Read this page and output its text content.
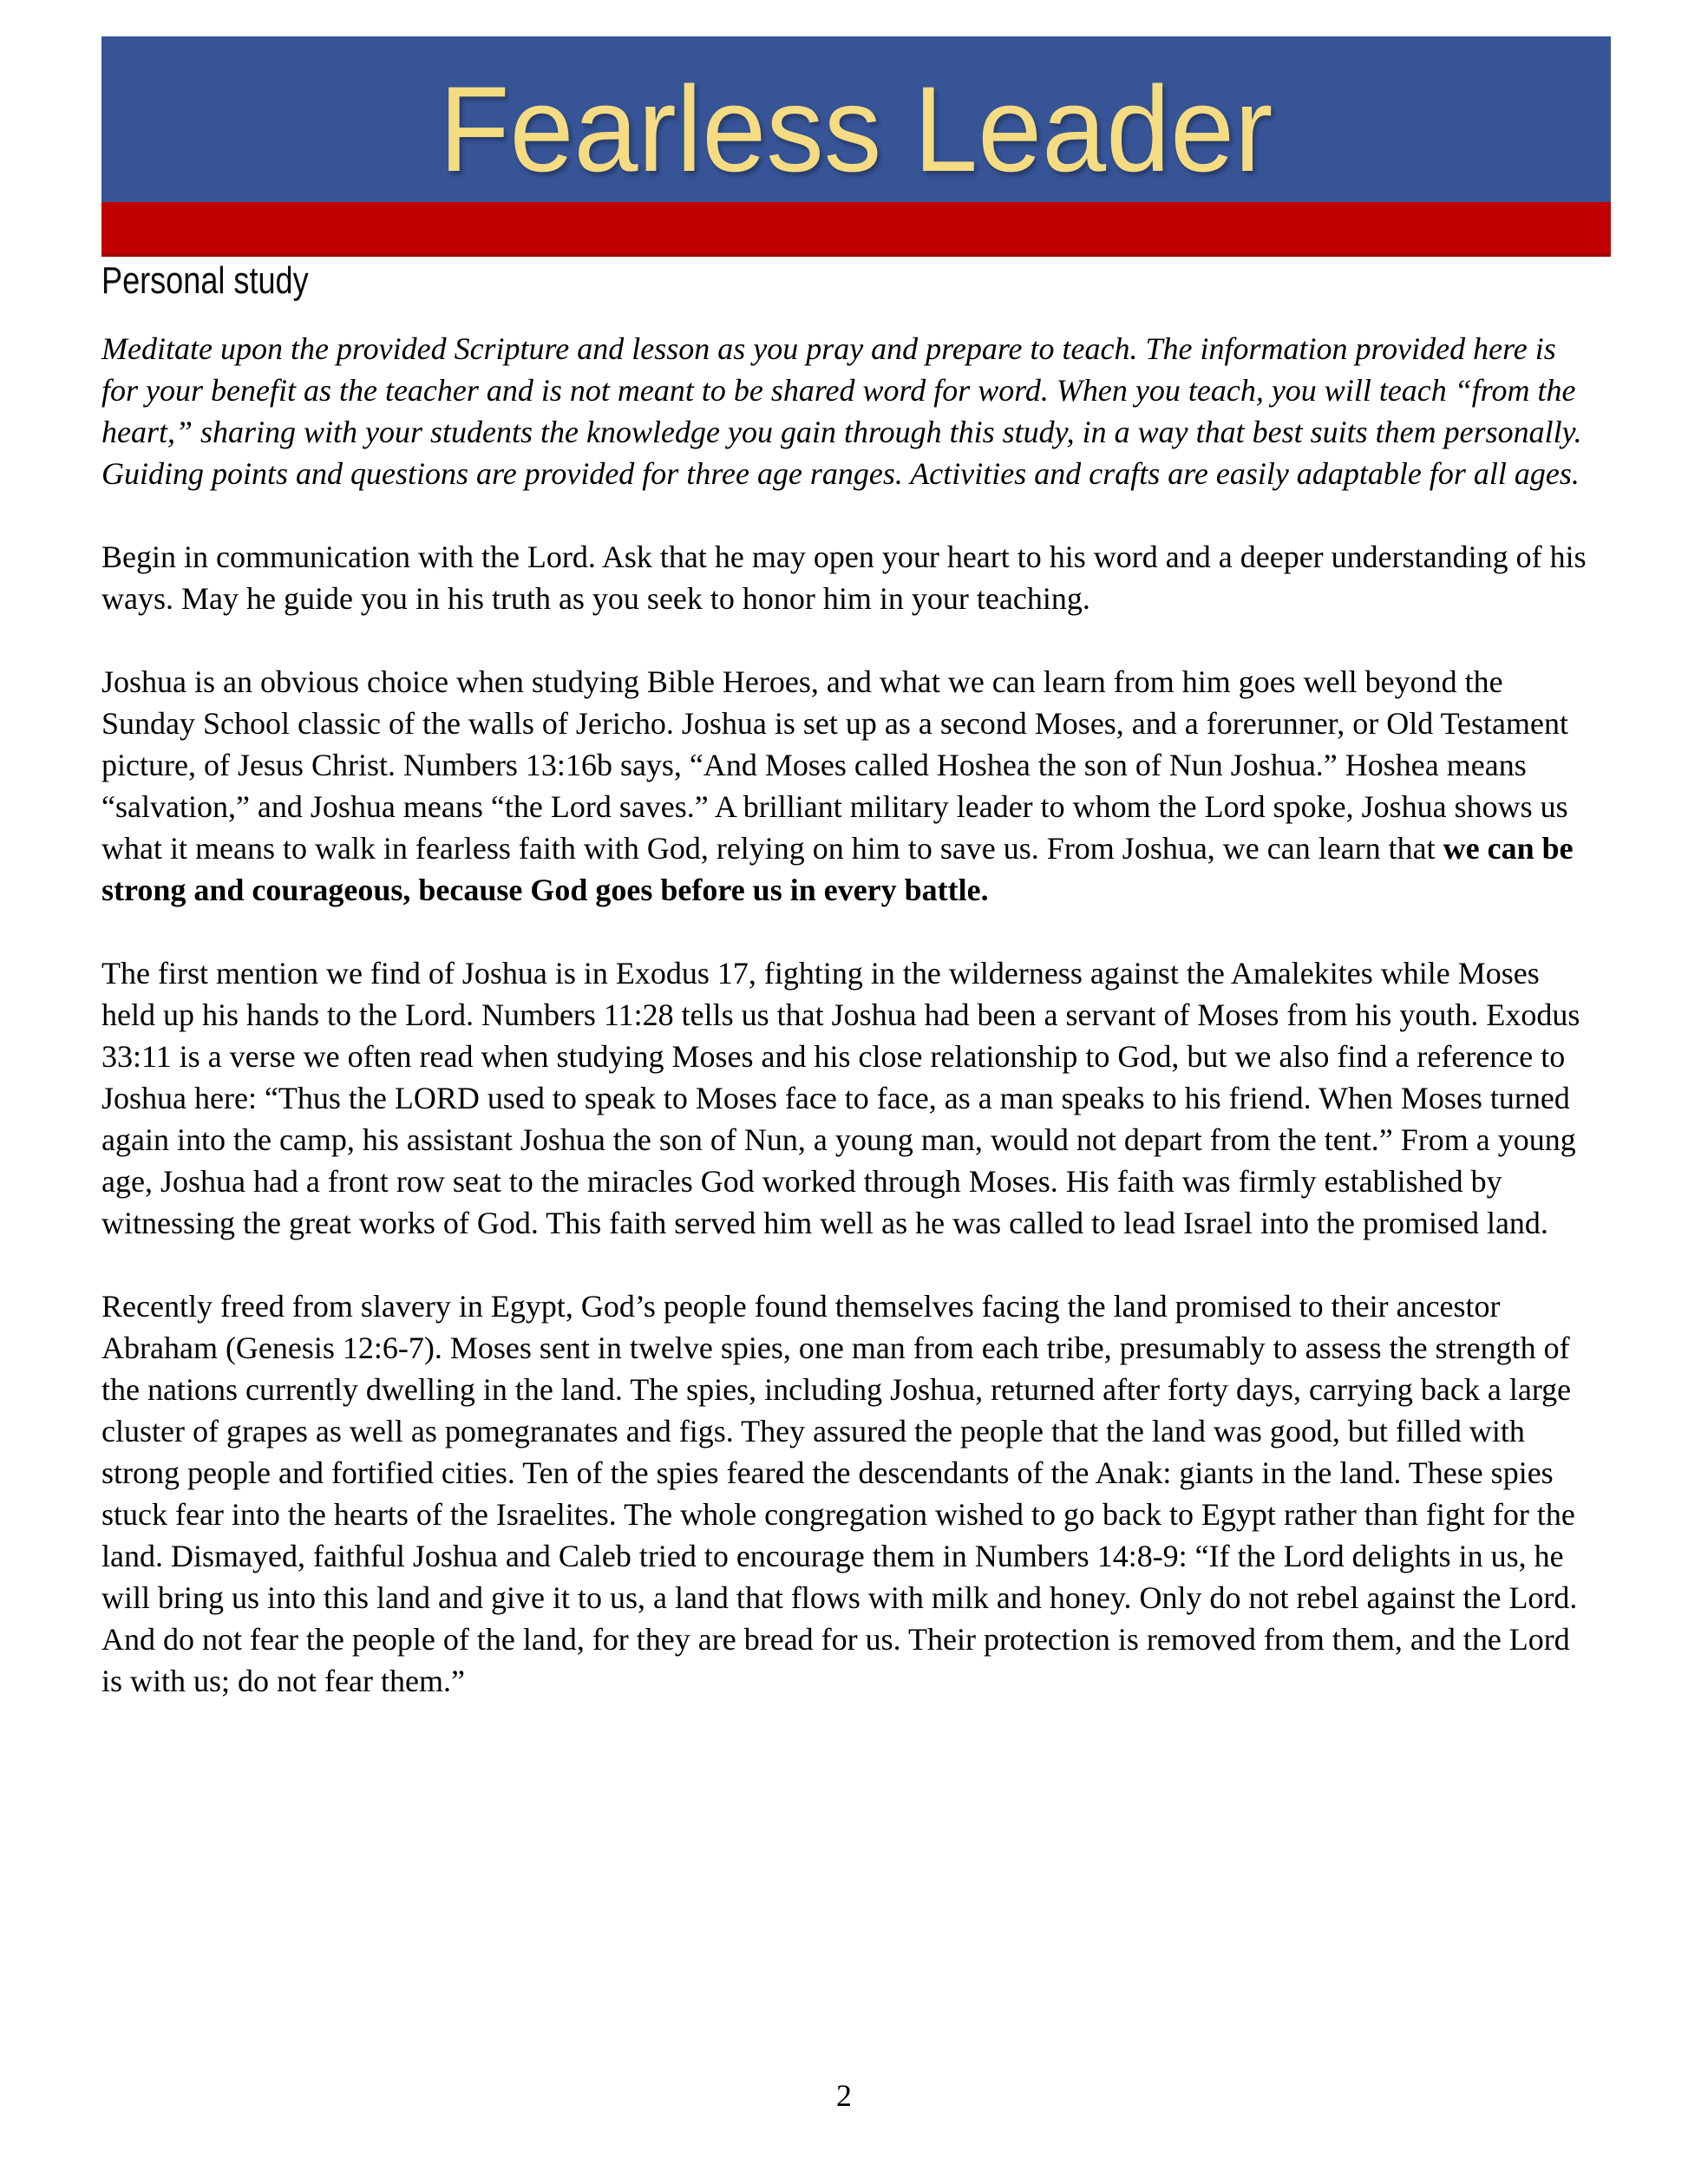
Fearless Leader
Personal study

Meditate upon the provided Scripture and lesson as you pray and prepare to teach. The information provided here is for your benefit as the teacher and is not meant to be shared word for word. When you teach, you will teach “from the heart,” sharing with your students the knowledge you gain through this study, in a way that best suits them personally. Guiding points and questions are provided for three age ranges. Activities and crafts are easily adaptable for all ages.

Begin in communication with the Lord. Ask that he may open your heart to his word and a deeper understanding of his ways. May he guide you in his truth as you seek to honor him in your teaching.

Joshua is an obvious choice when studying Bible Heroes, and what we can learn from him goes well beyond the Sunday School classic of the walls of Jericho. Joshua is set up as a second Moses, and a forerunner, or Old Testament picture, of Jesus Christ. Numbers 13:16b says, “And Moses called Hoshea the son of Nun Joshua.” Hoshea means “salvation,” and Joshua means “the Lord saves.” A brilliant military leader to whom the Lord spoke, Joshua shows us what it means to walk in fearless faith with God, relying on him to save us. From Joshua, we can learn that we can be strong and courageous, because God goes before us in every battle.

The first mention we find of Joshua is in Exodus 17, fighting in the wilderness against the Amalekites while Moses held up his hands to the Lord. Numbers 11:28 tells us that Joshua had been a servant of Moses from his youth. Exodus 33:11 is a verse we often read when studying Moses and his close relationship to God, but we also find a reference to Joshua here: “Thus the LORD used to speak to Moses face to face, as a man speaks to his friend. When Moses turned again into the camp, his assistant Joshua the son of Nun, a young man, would not depart from the tent.” From a young age, Joshua had a front row seat to the miracles God worked through Moses. His faith was firmly established by witnessing the great works of God. This faith served him well as he was called to lead Israel into the promised land.

Recently freed from slavery in Egypt, God’s people found themselves facing the land promised to their ancestor Abraham (Genesis 12:6-7). Moses sent in twelve spies, one man from each tribe, presumably to assess the strength of the nations currently dwelling in the land. The spies, including Joshua, returned after forty days, carrying back a large cluster of grapes as well as pomegranates and figs. They assured the people that the land was good, but filled with strong people and fortified cities. Ten of the spies feared the descendants of the Anak: giants in the land. These spies stuck fear into the hearts of the Israelites. The whole congregation wished to go back to Egypt rather than fight for the land. Dismayed, faithful Joshua and Caleb tried to encourage them in Numbers 14:8-9: “If the Lord delights in us, he will bring us into this land and give it to us, a land that flows with milk and honey. Only do not rebel against the Lord. And do not fear the people of the land, for they are bread for us. Their protection is removed from them, and the Lord is with us; do not fear them.”

2
